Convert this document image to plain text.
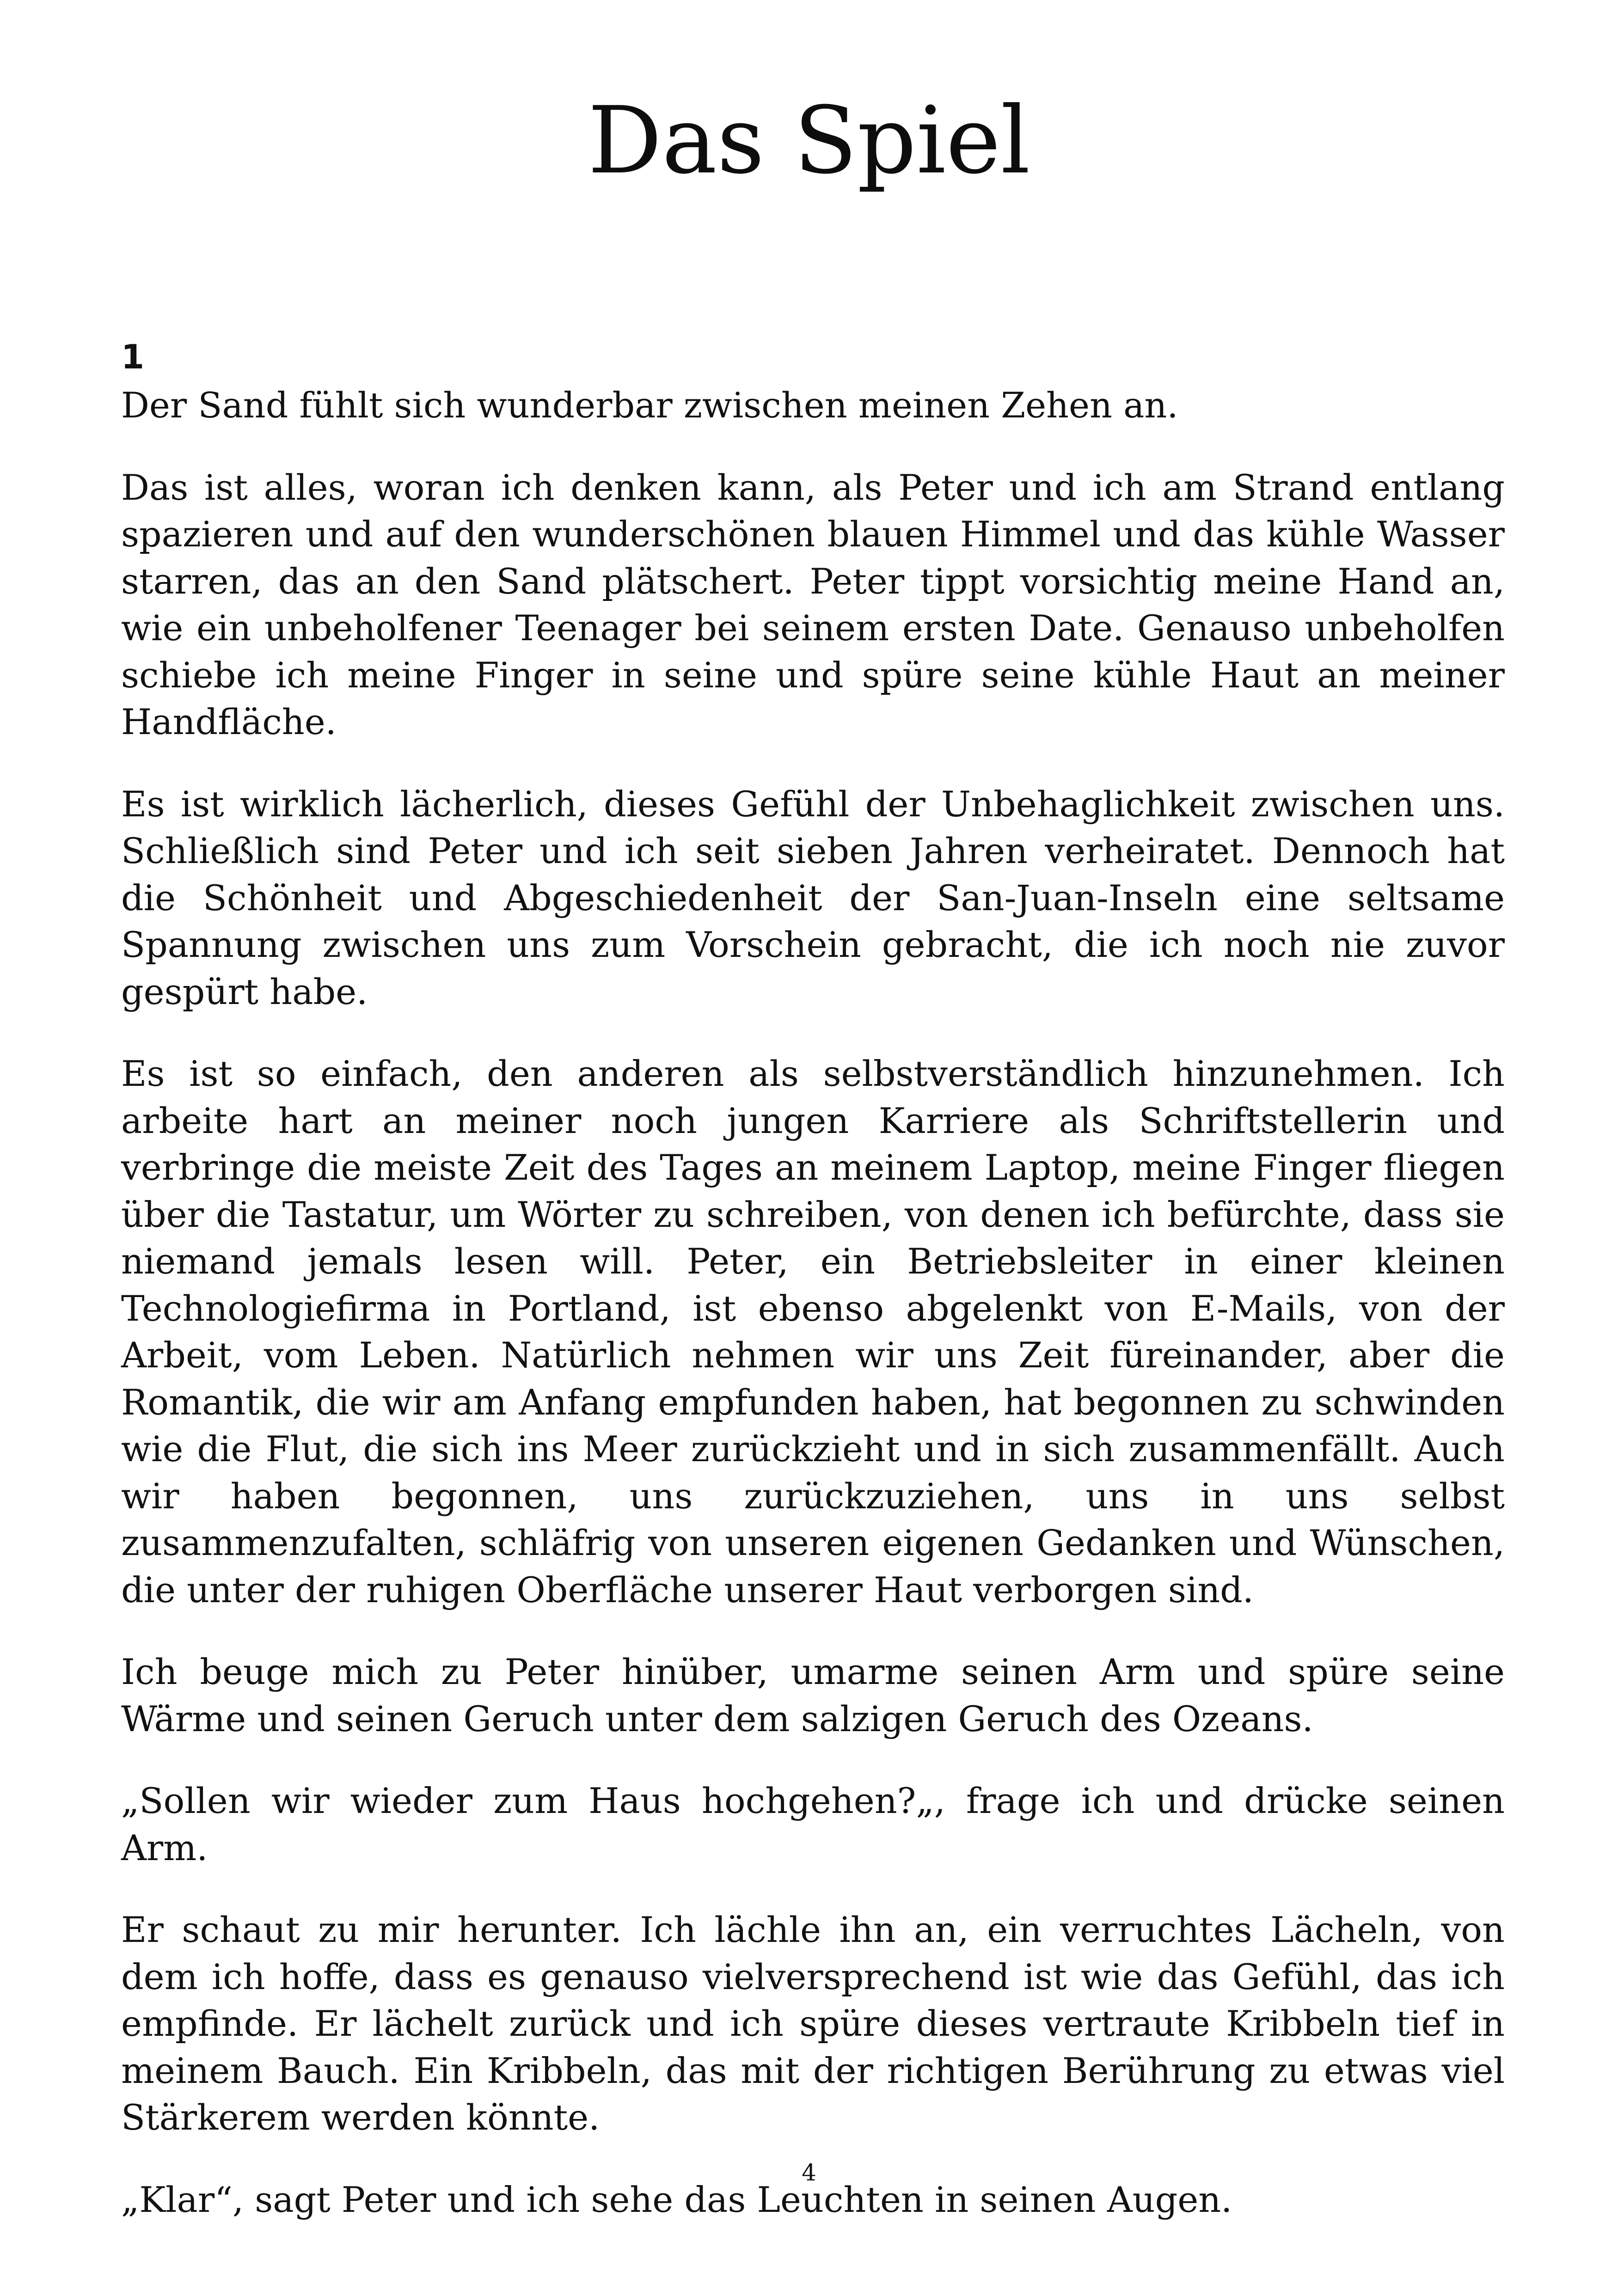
Das Spiel
1

Der Sand fühlt sich wunderbar zwischen meinen Zehen an.

Das ist alles, woran ich denken kann, als Peter und ich am Strand entlang spazieren und auf den wunderschönen blauen Himmel und das kühle Wasser starren, das an den Sand plätschert. Peter tippt vorsichtig meine Hand an, wie ein unbeholfener Teenager bei seinem ersten Date. Genauso unbeholfen schiebe ich meine Finger in seine und spüre seine kühle Haut an meiner Handfläche.

Es ist wirklich lächerlich, dieses Gefühl der Unbehaglichkeit zwischen uns. Schließlich sind Peter und ich seit sieben Jahren verheiratet. Dennoch hat die Schönheit und Abgeschiedenheit der San-Juan-Inseln eine seltsame Spannung zwischen uns zum Vorschein gebracht, die ich noch nie zuvor gespürt habe.

Es ist so einfach, den anderen als selbstverständlich hinzunehmen. Ich arbeite hart an meiner noch jungen Karriere als Schriftstellerin und verbringe die meiste Zeit des Tages an meinem Laptop, meine Finger fliegen über die Tastatur, um Wörter zu schreiben, von denen ich befürchte, dass sie niemand jemals lesen will. Peter, ein Betriebsleiter in einer kleinen Technologiefirma in Portland, ist ebenso abgelenkt von E-Mails, von der Arbeit, vom Leben. Natürlich nehmen wir uns Zeit füreinander, aber die Romantik, die wir am Anfang empfunden haben, hat begonnen zu schwinden wie die Flut, die sich ins Meer zurückzieht und in sich zusammenfällt. Auch wir haben begonnen, uns zurückzuziehen, uns in uns selbst zusammenzufalten, schläfrig von unseren eigenen Gedanken und Wünschen, die unter der ruhigen Oberfläche unserer Haut verborgen sind.

Ich beuge mich zu Peter hinüber, umarme seinen Arm und spüre seine Wärme und seinen Geruch unter dem salzigen Geruch des Ozeans.

„Sollen wir wieder zum Haus hochgehen?„, frage ich und drücke seinen Arm.

Er schaut zu mir herunter. Ich lächle ihn an, ein verruchtes Lächeln, von dem ich hoffe, dass es genauso vielversprechend ist wie das Gefühl, das ich empfinde. Er lächelt zurück und ich spüre dieses vertraute Kribbeln tief in meinem Bauch. Ein Kribbeln, das mit der richtigen Berührung zu etwas viel Stärkerem werden könnte.

„Klar“, sagt Peter und ich sehe das Leuchten in seinen Augen.

4
